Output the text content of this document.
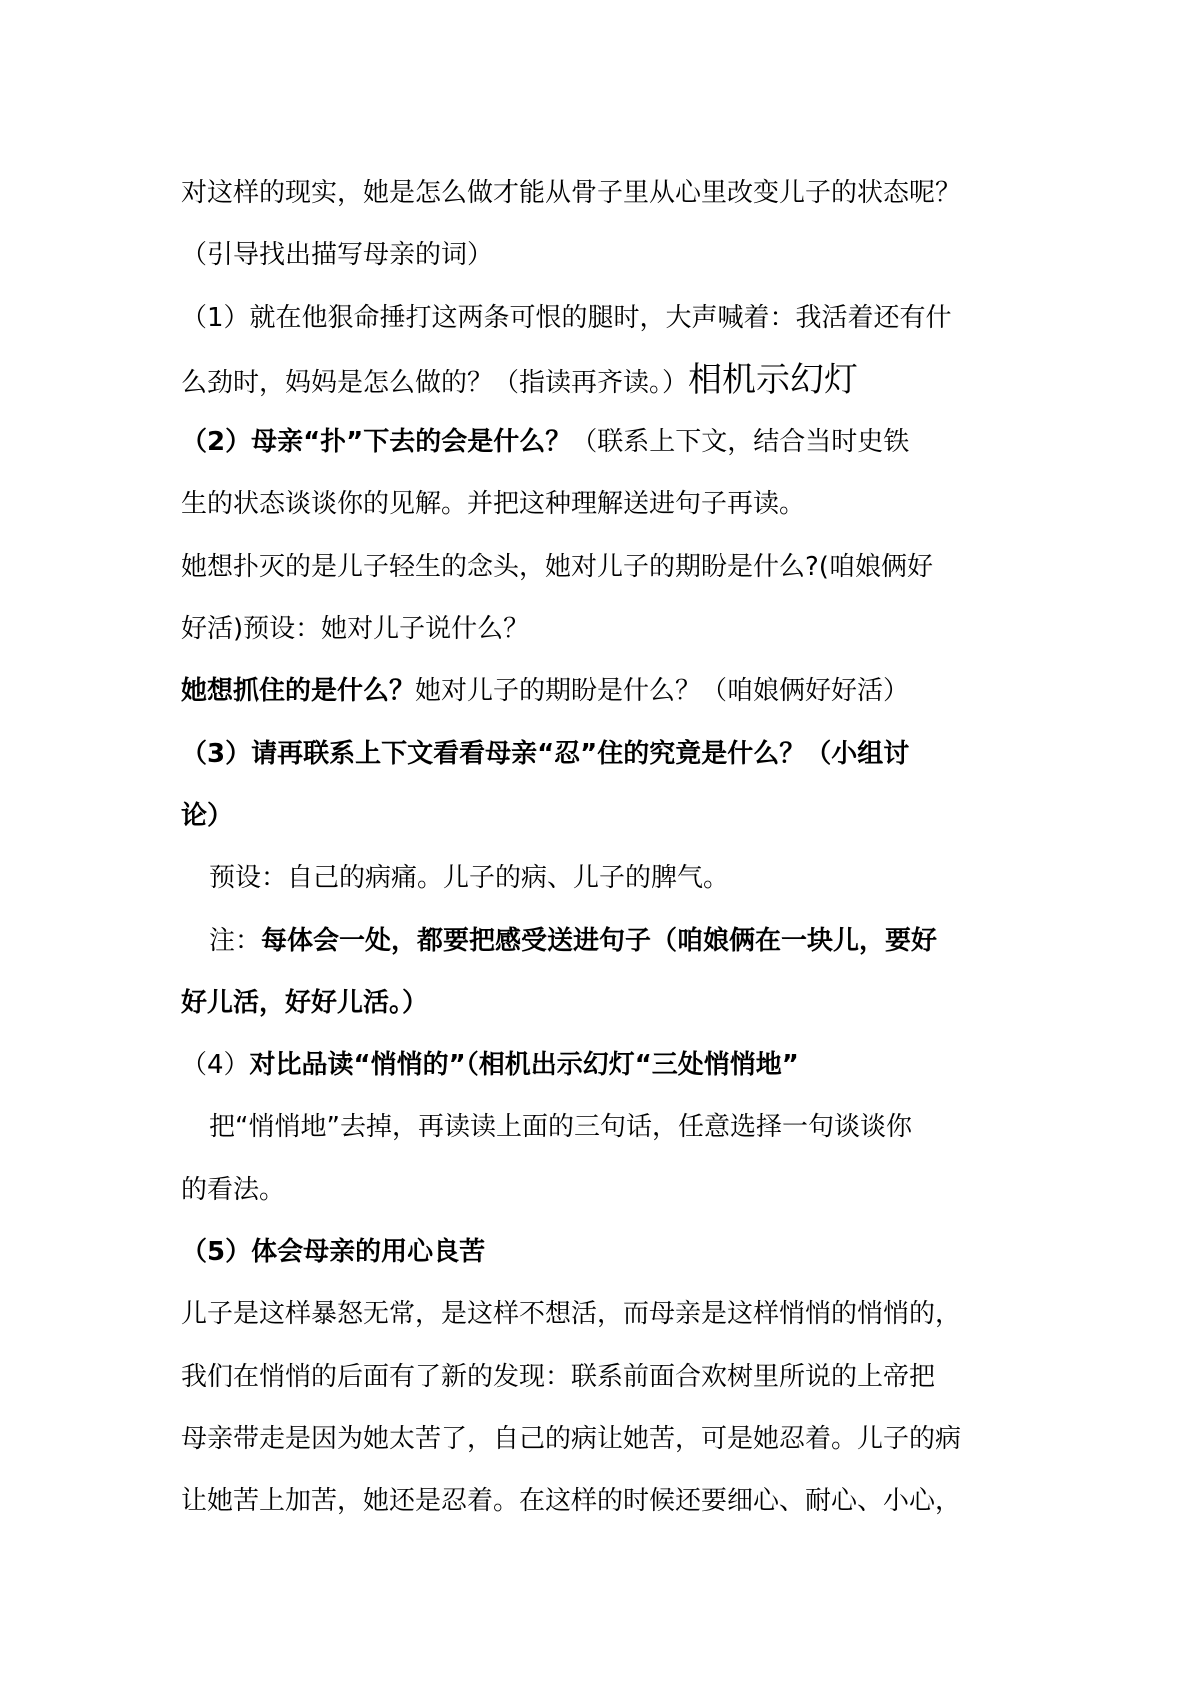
对这样的现实，她是怎么做才能从骨子里从心里改变儿子的状态呢？
（引导找出描写母亲的词）
（1）就在他狠命捶打这两条可恨的腿时，大声喊着：我活着还有什
么劲时，妈妈是怎么做的？（指读再齐读。）相机示幻灯
（2）母亲“扑”下去的会是什么？（联系上下文，结合当时史铁
生的状态谈谈你的见解。并把这种理解送进句子再读。
她想扑灭的是儿子轻生的念头，她对儿子的期盼是什么?(咱娘俩好
好活)预设：她对儿子说什么？
她想抓住的是什么？她对儿子的期盼是什么？（咱娘俩好好活）
（3）请再联系上下文看看母亲“忍”住的究竟是什么？（小组讨
论）
预设：自己的病痛。儿子的病、儿子的脾气。
注：每体会一处，都要把感受送进句子（咱娘俩在一块儿，要好
好儿活，好好儿活。）
（4）对比品读“悄悄的”（相机出示幻灯“三处悄悄地”
把“悄悄地”去掉，再读读上面的三句话，任意选择一句谈谈你
的看法。
（5）体会母亲的用心良苦
儿子是这样暴怒无常，是这样不想活，而母亲是这样悄悄的悄悄的，
我们在悄悄的后面有了新的发现：联系前面合欢树里所说的上帝把
母亲带走是因为她太苦了，自己的病让她苦，可是她忍着。儿子的病
让她苦上加苦，她还是忍着。在这样的时候还要细心、耐心、小心，
